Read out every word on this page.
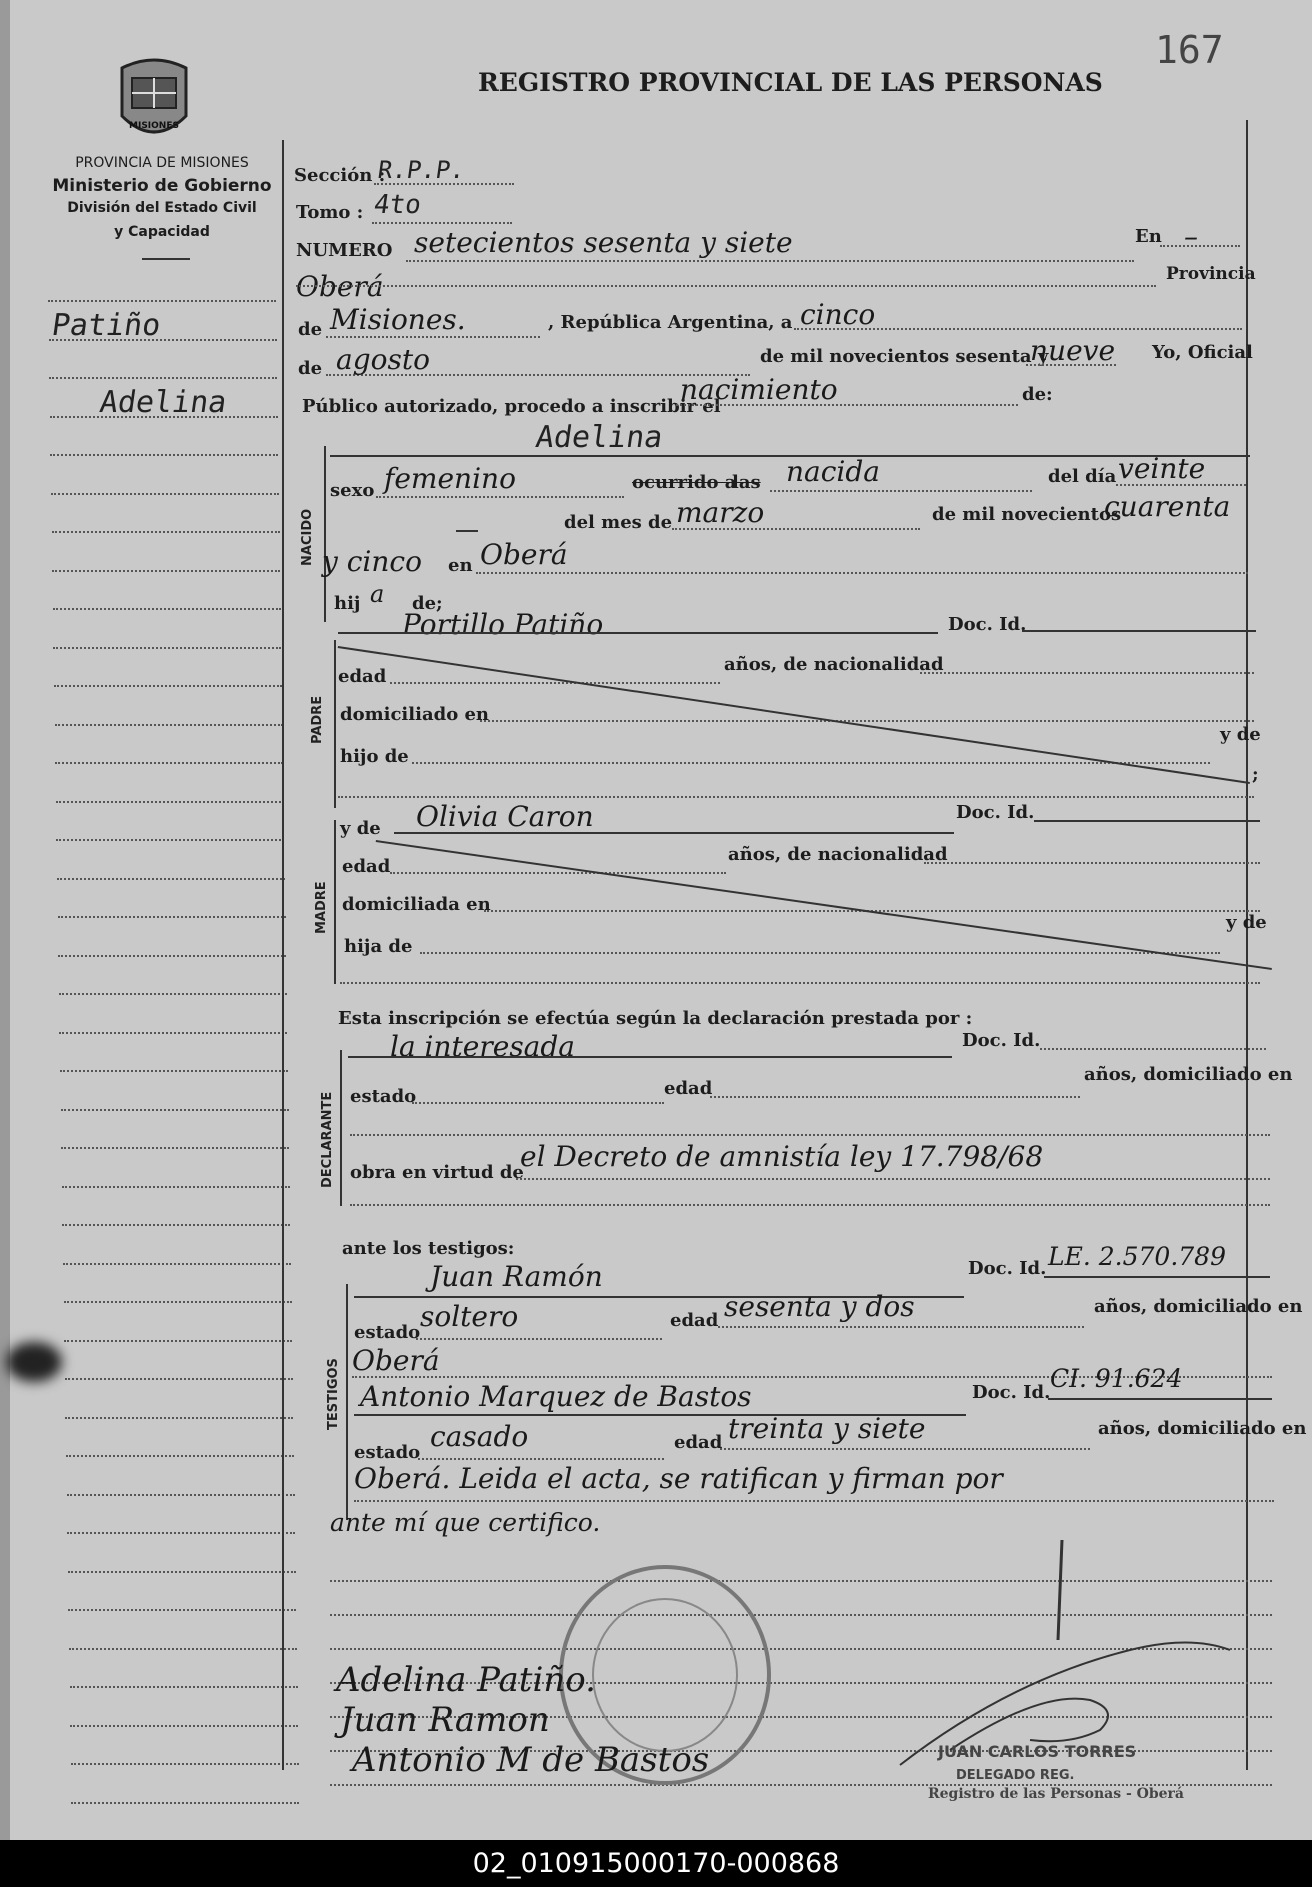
MISIONES
PROVINCIA DE MISIONES
Ministerio de Gobierno
División del Estado Civil
y Capacidad
REGISTRO PROVINCIAL DE LAS PERSONAS
167
Patiño
Adelina
Sección :
R.P.P.
Tomo : 4to
NUMERO setecientos sesenta y siete	En –
Oberá	Provincia
de Misiones.	, República Argentina, a cinco
de agosto	de mil novecientos sesenta y
nueve Yo, Oficial
Público autorizado, procedo a inscribir el
nacimiento	de:
Adelina
NACIDO
sexo femenino	ocurrido a
las nacida	del día veinte
del mes de marzo	de mil novecientos
cuarenta
y cinco en Oberá
hij a de;
Portillo Patiño	Doc. Id.
PADRE
edad
años, de nacionalidad
domiciliado en
hijo de
y de
;
y de Olivia Caron	Doc. Id.
MADRE
edad
años, de nacionalidad
domiciliada en
hija de
y de
Esta inscripción se efectúa según la declaración prestada por :
la interesada	Doc. Id.
DECLARANTE estado	edad
años, domiciliado en
obra en virtud de
el Decreto de amnistía ley 17.798/68
ante los testigos:
Juan Ramón	Doc. Id. LE. 2.570.789
TESTIGOS
estado soltero	edad sesenta y dos	años, domiciliado en
Oberá
Antonio Marquez de Bastos	Doc. Id. CI. 91.624
estado casado	edad treinta y siete	años, domiciliado en
Oberá. Leida el acta, se ratifican y firman por
ante mí que certifico.
Adelina Patiño.
Juan Ramon
Antonio M de Bastos	JUAN CARLOS TORRES
DELEGADO REG.
Registro de las Personas - Oberá
02_010915000170-000868
